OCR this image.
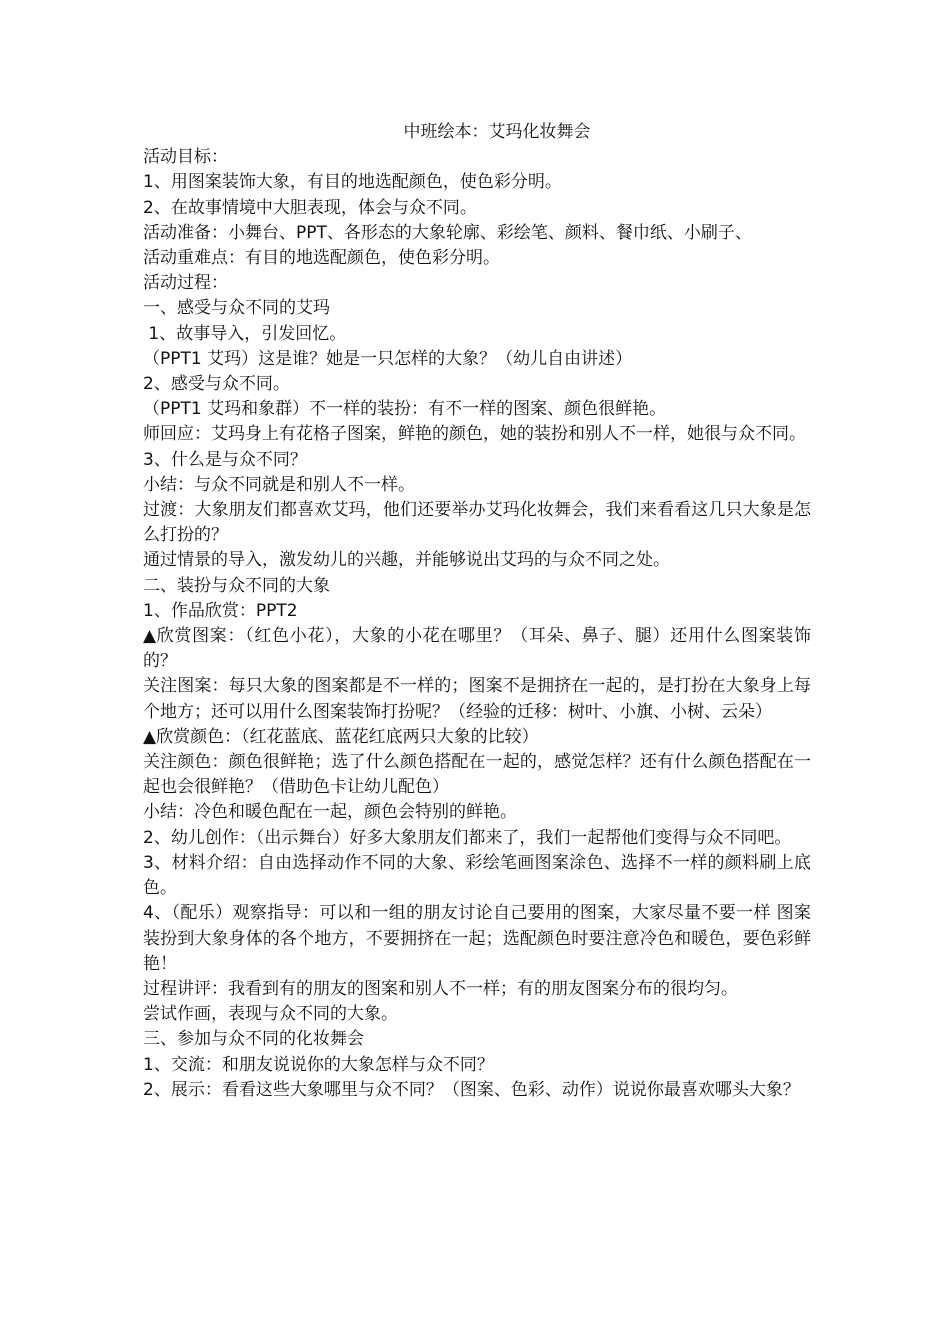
中班绘本：艾玛化妆舞会

活动目标：

1、用图案装饰大象，有目的地选配颜色，使色彩分明。

2、在故事情境中大胆表现，体会与众不同。

活动准备：小舞台、PPT、各形态的大象轮廓、彩绘笔、颜料、餐巾纸、小刷子、

活动重难点：有目的地选配颜色，使色彩分明。

活动过程：

一、感受与众不同的艾玛

1、故事导入，引发回忆。

（PPT1 艾玛）这是谁？她是一只怎样的大象？（幼儿自由讲述）

2、感受与众不同。

（PPT1 艾玛和象群）不一样的装扮：有不一样的图案、颜色很鲜艳。

师回应：艾玛身上有花格子图案，鲜艳的颜色，她的装扮和别人不一样，她很与众不同。

3、什么是与众不同？

小结：与众不同就是和别人不一样。

过渡：大象朋友们都喜欢艾玛，他们还要举办艾玛化妆舞会，我们来看看这几只大象是怎么打扮的？

通过情景的导入，激发幼儿的兴趣，并能够说出艾玛的与众不同之处。

二、装扮与众不同的大象

1、作品欣赏：PPT2

▲欣赏图案：（红色小花），大象的小花在哪里？（耳朵、鼻子、腿）还用什么图案装饰的？

关注图案：每只大象的图案都是不一样的；图案不是拥挤在一起的，是打扮在大象身上每个地方；还可以用什么图案装饰打扮呢？（经验的迁移：树叶、小旗、小树、云朵）

▲欣赏颜色：（红花蓝底、蓝花红底两只大象的比较）

关注颜色：颜色很鲜艳；选了什么颜色搭配在一起的，感觉怎样？还有什么颜色搭配在一起也会很鲜艳？（借助色卡让幼儿配色）

小结：冷色和暖色配在一起，颜色会特别的鲜艳。

2、幼儿创作：（出示舞台）好多大象朋友们都来了，我们一起帮他们变得与众不同吧。

3、材料介绍：自由选择动作不同的大象、彩绘笔画图案涂色、选择不一样的颜料刷上底色。

4、（配乐）观察指导：可以和一组的朋友讨论自己要用的图案，大家尽量不要一样 图案装扮到大象身体的各个地方，不要拥挤在一起；选配颜色时要注意冷色和暖色，要色彩鲜艳！

过程讲评：我看到有的朋友的图案和别人不一样；有的朋友图案分布的很均匀。

尝试作画，表现与众不同的大象。

三、参加与众不同的化妆舞会

1、交流：和朋友说说你的大象怎样与众不同？

2、展示：看看这些大象哪里与众不同？（图案、色彩、动作）说说你最喜欢哪头大象？
